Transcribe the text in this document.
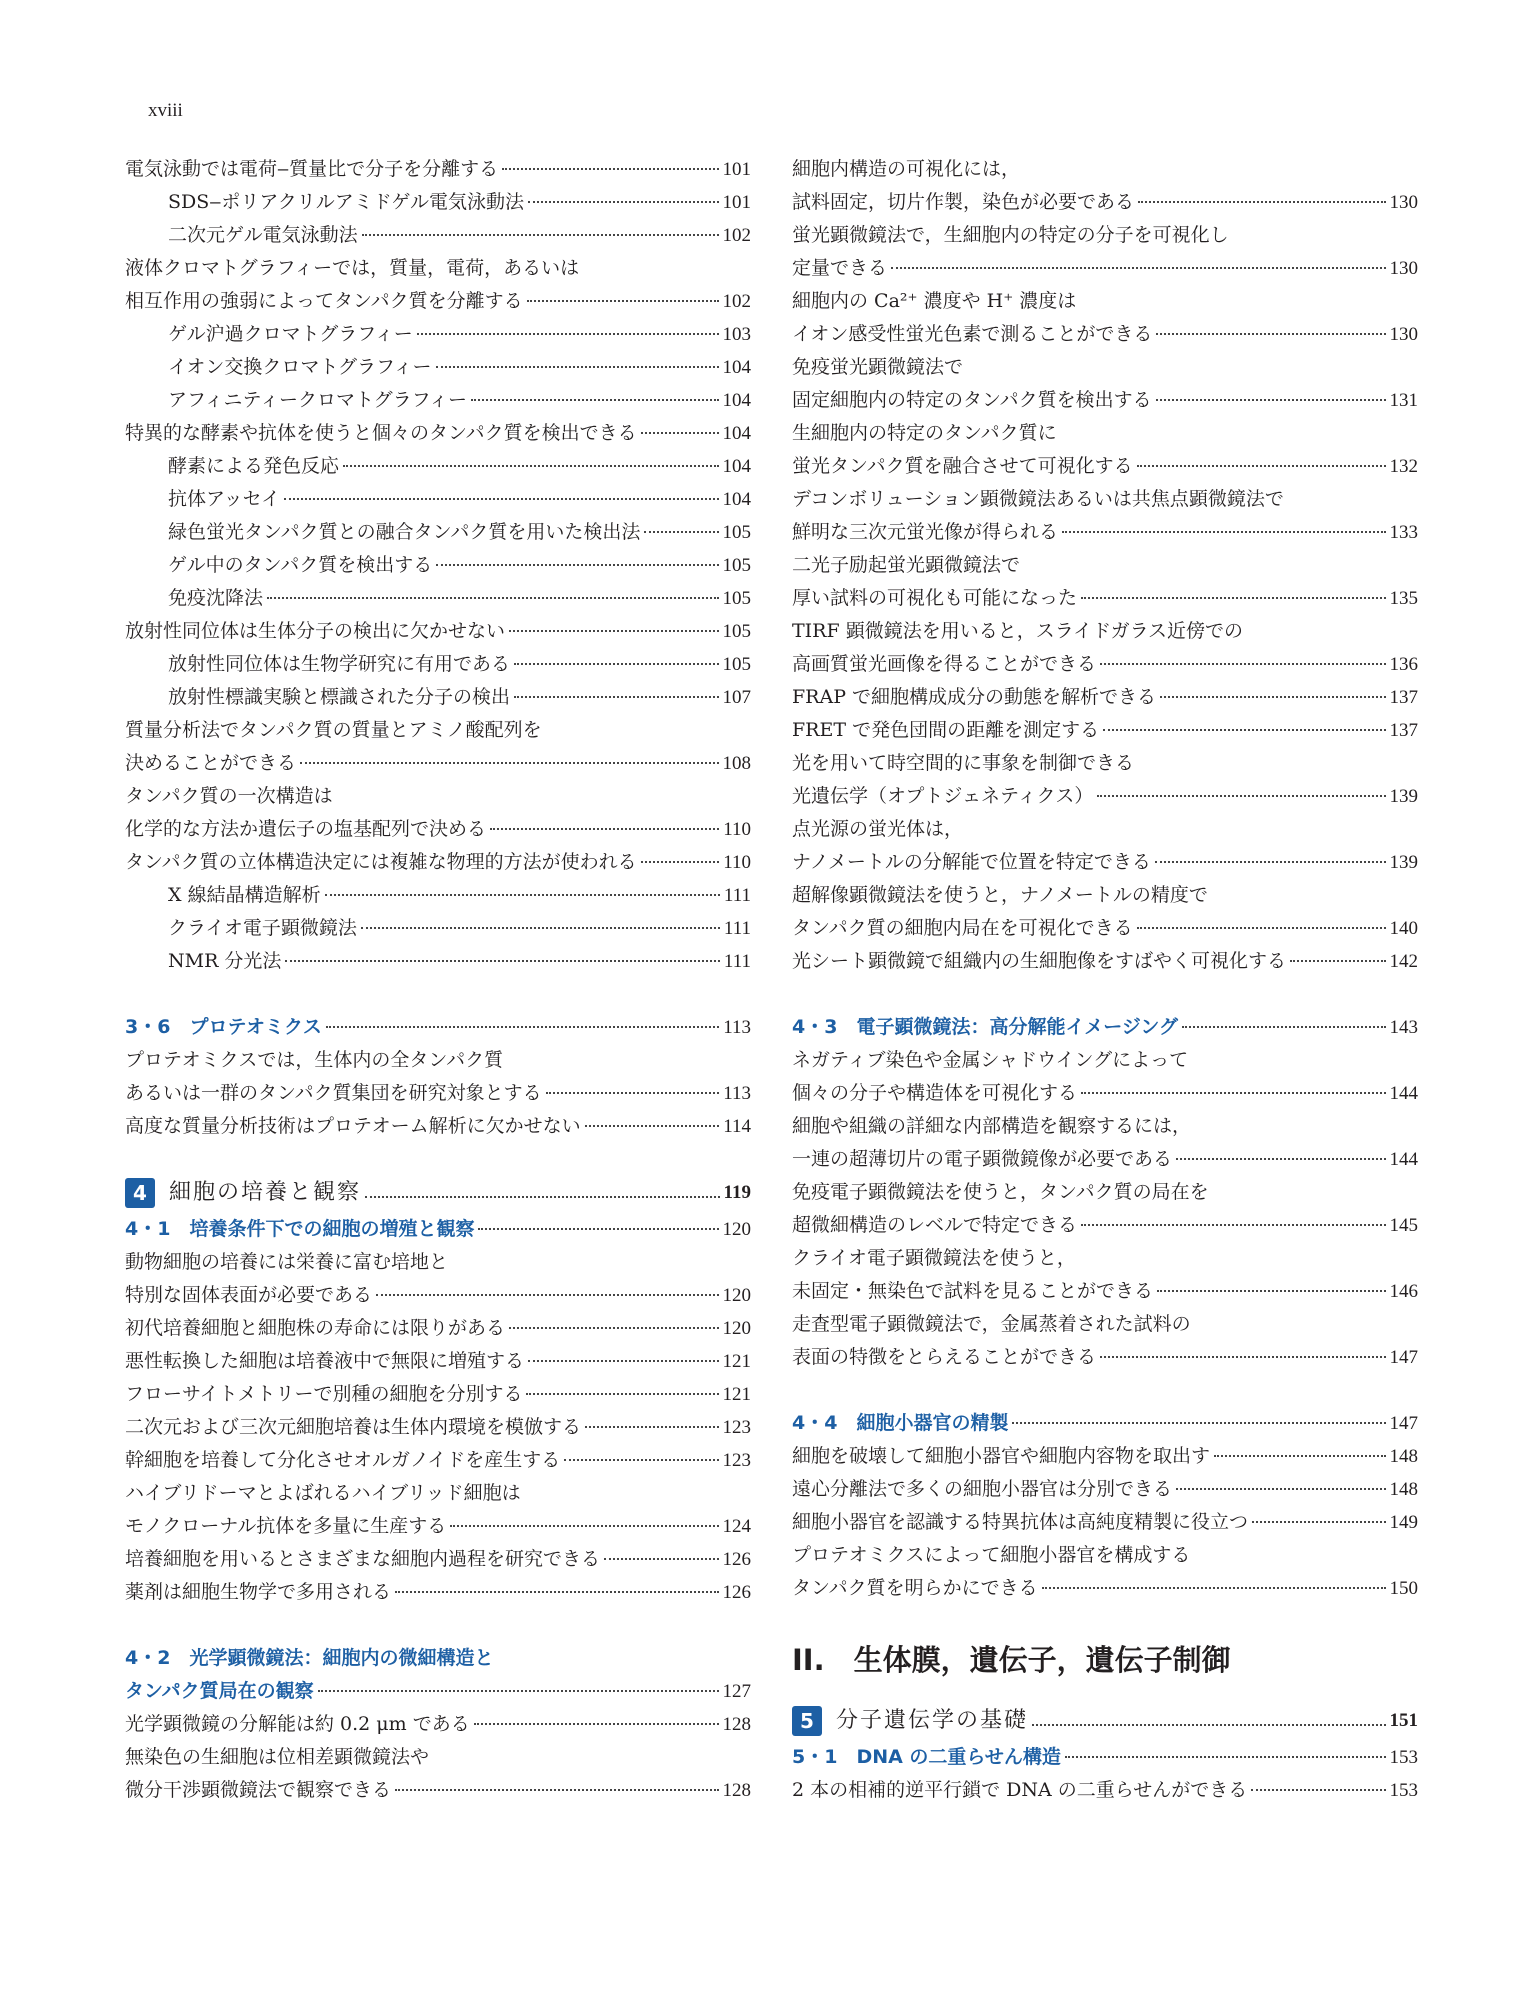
xviii
電気泳動では電荷‒質量比で分子を分離する	101
SDS‒ポリアクリルアミドゲル電気泳動法	101
二次元ゲル電気泳動法	102
液体クロマトグラフィーでは，質量，電荷，あるいは
相互作用の強弱によってタンパク質を分離する	102
ゲル沪過クロマトグラフィー	103
イオン交換クロマトグラフィー	104
アフィニティークロマトグラフィー	104
特異的な酵素や抗体を使うと個々のタンパク質を検出できる	104
酵素による発色反応	104
抗体アッセイ	104
緑色蛍光タンパク質との融合タンパク質を用いた検出法	105
ゲル中のタンパク質を検出する	105
免疫沈降法	105
放射性同位体は生体分子の検出に欠かせない	105
放射性同位体は生物学研究に有用である	105
放射性標識実験と標識された分子の検出	107
質量分析法でタンパク質の質量とアミノ酸配列を
決めることができる	108
タンパク質の一次構造は
化学的な方法か遺伝子の塩基配列で決める	110
タンパク質の立体構造決定には複雑な物理的方法が使われる	110
X 線結晶構造解析	111
クライオ電子顕微鏡法	111
NMR 分光法	111
3・6　プロテオミクス	113
プロテオミクスでは，生体内の全タンパク質
あるいは一群のタンパク質集団を研究対象とする	113
高度な質量分析技術はプロテオーム解析に欠かせない	114
4	細胞の培養と観察	119
4・1　培養条件下での細胞の増殖と観察	120
動物細胞の培養には栄養に富む培地と
特別な固体表面が必要である	120
初代培養細胞と細胞株の寿命には限りがある	120
悪性転換した細胞は培養液中で無限に増殖する	121
フローサイトメトリーで別種の細胞を分別する	121
二次元および三次元細胞培養は生体内環境を模倣する	123
幹細胞を培養して分化させオルガノイドを産生する	123
ハイブリドーマとよばれるハイブリッド細胞は
モノクローナル抗体を多量に生産する	124
培養細胞を用いるとさまざまな細胞内過程を研究できる	126
薬剤は細胞生物学で多用される	126
4・2　光学顕微鏡法：細胞内の微細構造と
タンパク質局在の観察	127
光学顕微鏡の分解能は約 0.2 μm である	128
無染色の生細胞は位相差顕微鏡法や
微分干渉顕微鏡法で観察できる	128
細胞内構造の可視化には，
試料固定，切片作製，染色が必要である	130
蛍光顕微鏡法で，生細胞内の特定の分子を可視化し
定量できる	130
細胞内の Ca²⁺ 濃度や H⁺ 濃度は
イオン感受性蛍光色素で測ることができる	130
免疫蛍光顕微鏡法で
固定細胞内の特定のタンパク質を検出する	131
生細胞内の特定のタンパク質に
蛍光タンパク質を融合させて可視化する	132
デコンボリューション顕微鏡法あるいは共焦点顕微鏡法で
鮮明な三次元蛍光像が得られる	133
二光子励起蛍光顕微鏡法で
厚い試料の可視化も可能になった	135
TIRF 顕微鏡法を用いると，スライドガラス近傍での
高画質蛍光画像を得ることができる	136
FRAP で細胞構成成分の動態を解析できる	137
FRET で発色団間の距離を測定する	137
光を用いて時空間的に事象を制御できる
光遺伝学（オプトジェネティクス）	139
点光源の蛍光体は，
ナノメートルの分解能で位置を特定できる	139
超解像顕微鏡法を使うと，ナノメートルの精度で
タンパク質の細胞内局在を可視化できる	140
光シート顕微鏡で組織内の生細胞像をすばやく可視化する	142
4・3　電子顕微鏡法：高分解能イメージング	143
ネガティブ染色や金属シャドウイングによって
個々の分子や構造体を可視化する	144
細胞や組織の詳細な内部構造を観察するには，
一連の超薄切片の電子顕微鏡像が必要である	144
免疫電子顕微鏡法を使うと，タンパク質の局在を
超微細構造のレベルで特定できる	145
クライオ電子顕微鏡法を使うと，
未固定・無染色で試料を見ることができる	146
走査型電子顕微鏡法で，金属蒸着された試料の
表面の特徴をとらえることができる	147
4・4　細胞小器官の精製	147
細胞を破壊して細胞小器官や細胞内容物を取出す	148
遠心分離法で多くの細胞小器官は分別できる	148
細胞小器官を認識する特異抗体は高純度精製に役立つ	149
プロテオミクスによって細胞小器官を構成する
タンパク質を明らかにできる	150
II.　生体膜，遺伝子，遺伝子制御
5	分子遺伝学の基礎	151
5・1　DNA の二重らせん構造	153
2 本の相補的逆平行鎖で DNA の二重らせんができる	153
